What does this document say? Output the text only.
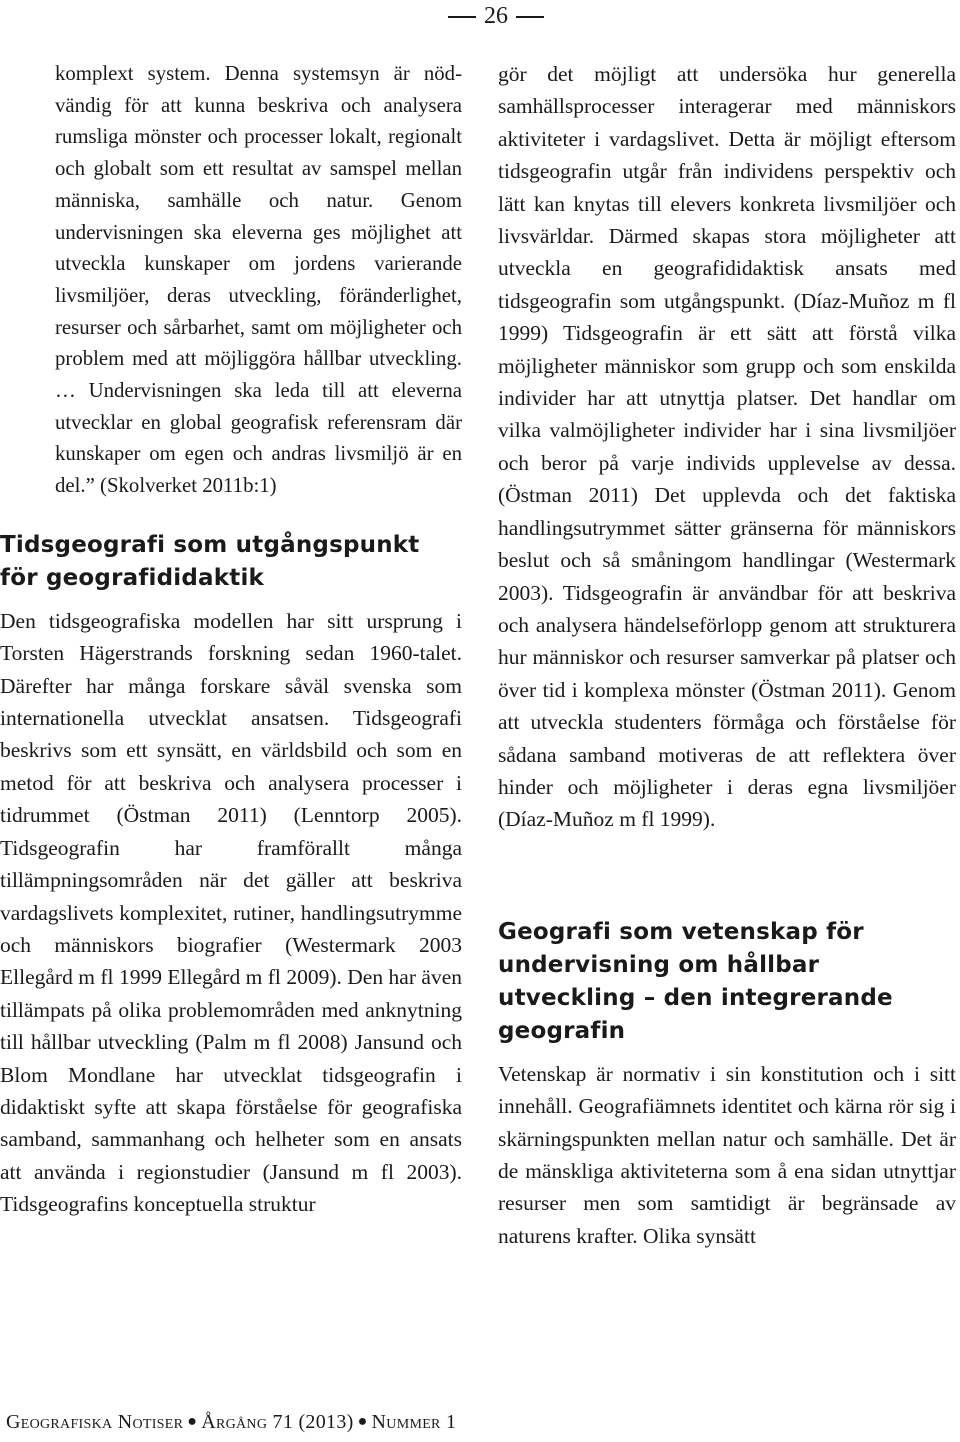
26

komplext system. Denna systemsyn är nödvändig för att kunna beskriva och analysera rumsliga mönster och processer lokalt, regionalt och globalt som ett resultat av samspel mellan människa, samhälle och natur. Genom undervisningen ska eleverna ges möjlighet att utveckla kunskaper om jordens varierande livsmiljöer, deras utveckling, föränderlighet, resurser och sårbarhet, samt om möjligheter och problem med att möjliggöra hållbar utveckling. … Undervisningen ska leda till att eleverna utvecklar en global geografisk referensram där kunskaper om egen och andras livsmiljö är en del.” (Skolverket 2011b:1)

Tidsgeografi som utgångspunkt för geografididaktik

Den tidsgeografiska modellen har sitt ursprung i Torsten Hägerstrands forskning sedan 1960-talet. Därefter har många forskare såväl svenska som internationella utvecklat ansatsen. Tidsgeografi beskrivs som ett synsätt, en världsbild och som en metod för att beskriva och analysera processer i tidrummet (Östman 2011) (Lenntorp 2005). Tidsgeografin har framförallt många tillämpningsområden när det gäller att beskriva vardagslivets komplexitet, rutiner, handlingsutrymme och människors biografier (Westermark 2003 Ellegård m fl 1999 Ellegård m fl 2009). Den har även tillämpats på olika problemområden med anknytning till hållbar utveckling (Palm m fl 2008) Jansund och Blom Mondlane har utvecklat tidsgeografin i didaktiskt syfte att skapa förståelse för geografiska samband, sammanhang och helheter som en ansats att använda i regionstudier (Jansund m fl 2003). Tidsgeografins konceptuella struktur

gör det möjligt att undersöka hur generella samhällsprocesser interagerar med människors aktiviteter i vardagslivet. Detta är möjligt eftersom tidsgeografin utgår från individens perspektiv och lätt kan knytas till elevers konkreta livsmiljöer och livsvärldar. Därmed skapas stora möjligheter att utveckla en geografididaktisk ansats med tidsgeografin som utgångspunkt. (Díaz-Muñoz m fl 1999) Tidsgeografin är ett sätt att förstå vilka möjligheter människor som grupp och som enskilda individer har att utnyttja platser. Det handlar om vilka valmöjligheter individer har i sina livsmiljöer och beror på varje individs upplevelse av dessa. (Östman 2011) Det upplevda och det faktiska handlingsutrymmet sätter gränserna för människors beslut och så småningom handlingar (Westermark 2003). Tidsgeografin är användbar för att beskriva och analysera händelseförlopp genom att strukturera hur människor och resurser samverkar på platser och över tid i komplexa mönster (Östman 2011). Genom att utveckla studenters förmåga och förståelse för sådana samband motiveras de att reflektera över hinder och möjligheter i deras egna livsmiljöer (Díaz-Muñoz m fl 1999).

Geografi som vetenskap för undervisning om hållbar utveckling – den integrerande geografin

Vetenskap är normativ i sin konstitution och i sitt innehåll. Geografiämnets identitet och kärna rör sig i skärningspunkten mellan natur och samhälle. Det är de mänskliga aktiviteterna som å ena sidan utnyttjar resurser men som samtidigt är begränsade av naturens krafter. Olika synsätt

Geografiska Notiser ● Årgång 71 (2013) ● Nummer 1
